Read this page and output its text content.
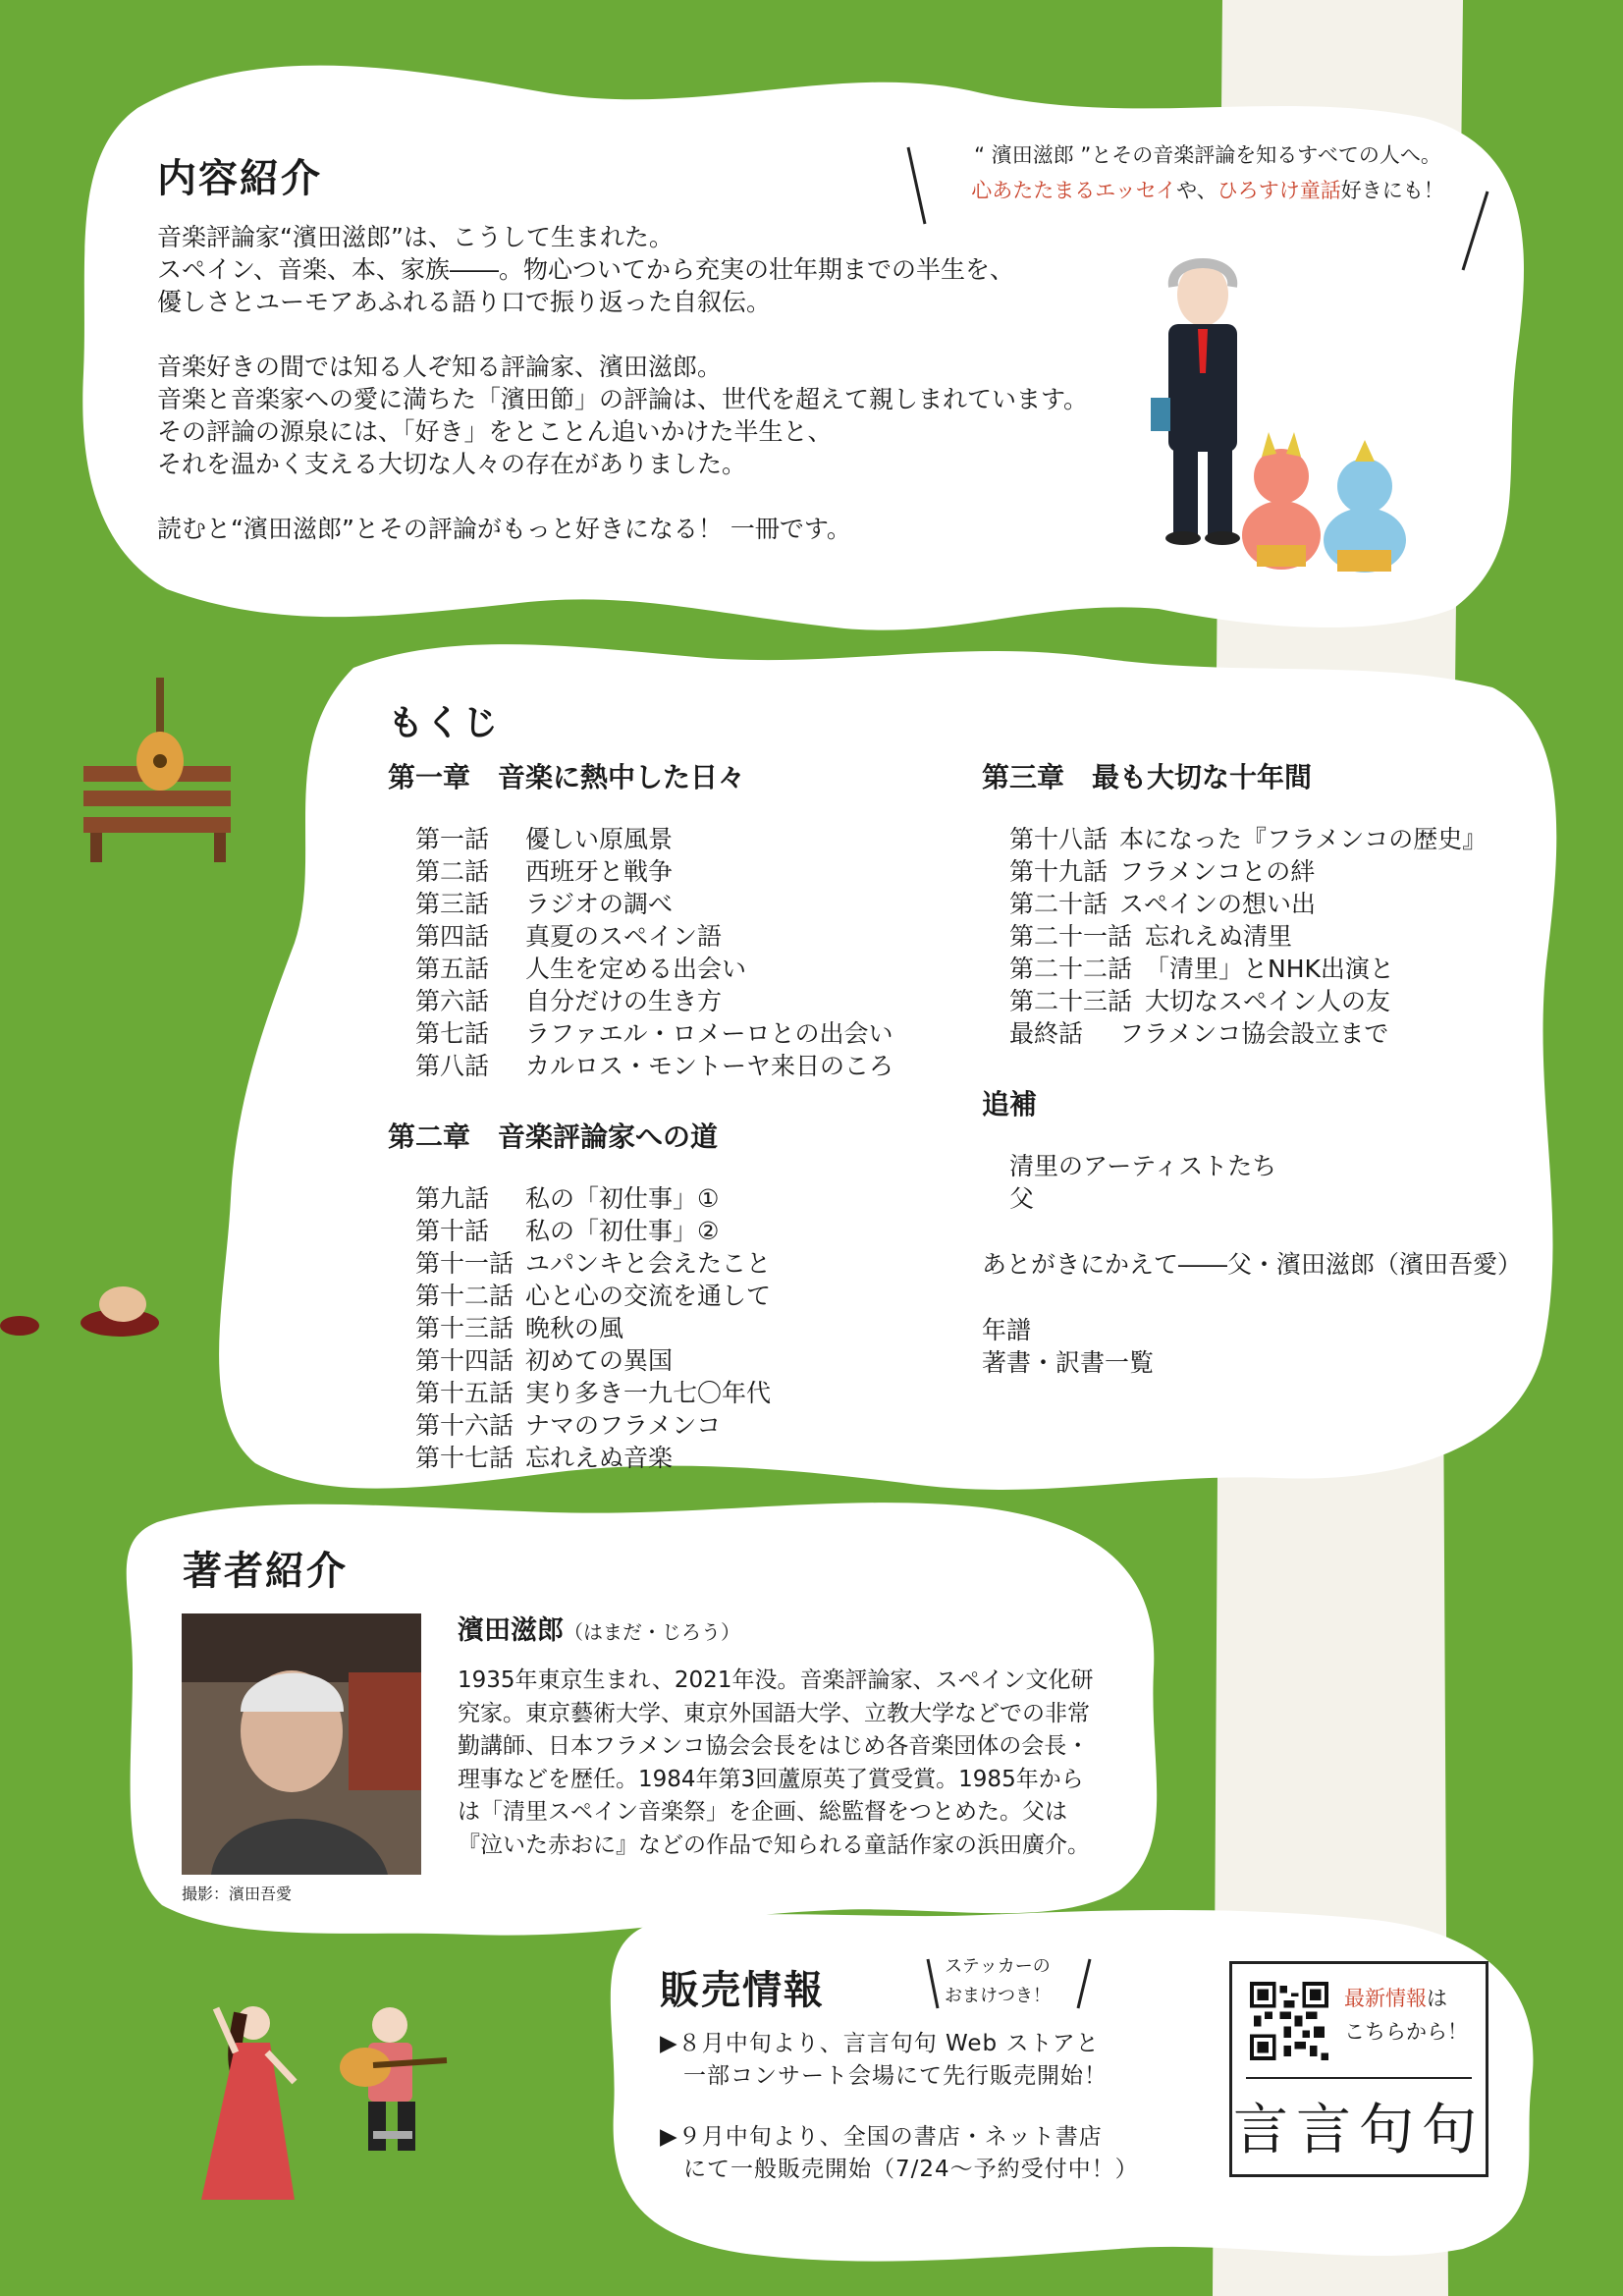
“ 濱田滋郎 ”とその音楽評論を知るすべての人へ。
心あたたまるエッセイや、ひろすけ童話好きにも！
内容紹介

音楽評論家“濱田滋郎”は、こうして生まれた。

スペイン、音楽、本、家族――。物心ついてから充実の壮年期までの半生を、

優しさとユーモアあふれる語り口で振り返った自叙伝。

音楽好きの間では知る人ぞ知る評論家、濱田滋郎。

音楽と音楽家への愛に満ちた「濱田節」の評論は、世代を超えて親しまれています。

その評論の源泉には、「好き」をとことん追いかけた半生と、

それを温かく支える大切な人々の存在がありました。

読むと“濱田滋郎”とその評論がもっと好きになる！ 一冊です。

もくじ

第一章　音楽に熱中した日々

第一話	優しい原風景
第二話	西班牙と戦争
第三話	ラジオの調べ
第四話	真夏のスペイン語
第五話	人生を定める出会い
第六話	自分だけの生き方
第七話	ラファエル・ロメーロとの出会い
第八話	カルロス・モントーヤ来日のころ

第二章　音楽評論家への道

第九話	私の「初仕事」①
第十話	私の「初仕事」②
第十一話 ユパンキと会えたこと
第十二話 心と心の交流を通して
第十三話 晩秋の風
第十四話 初めての異国
第十五話 実り多き一九七〇年代
第十六話 ナマのフラメンコ
第十七話 忘れえぬ音楽

第三章　最も大切な十年間

第十八話 本になった『フラメンコの歴史』
第十九話 フラメンコとの絆
第二十話 スペインの想い出
第二十一話 忘れえぬ清里
第二十二話 「清里」とNHK出演と
第二十三話 大切なスペイン人の友
最終話	フラメンコ協会設立まで

追補

清里のアーティストたち

父

あとがきにかえて――父・濱田滋郎（濱田吾愛）

年譜

著書・訳書一覧

著者紹介
撮影：濱田吾愛

濱田滋郎（はまだ・じろう）

1935年東京生まれ、2021年没。音楽評論家、スペイン文化研究家。東京藝術大学、東京外国語大学、立教大学などでの非常勤講師、日本フラメンコ協会会長をはじめ各音楽団体の会長・理事などを歴任。1984年第3回蘆原英了賞受賞。1985年からは「清里スペイン音楽祭」を企画、総監督をつとめた。父は『泣いた赤おに』などの作品で知られる童話作家の浜田廣介。

販売情報
ステッカーの
おまけつき！
▶８月中旬より、言言句句 Web ストアと
　一部コンサート会場にて先行販売開始！
▶９月中旬より、全国の書店・ネット書店
　にて一般販売開始（7/24～予約受付中！）
最新情報は
こちらから！
言言句句
